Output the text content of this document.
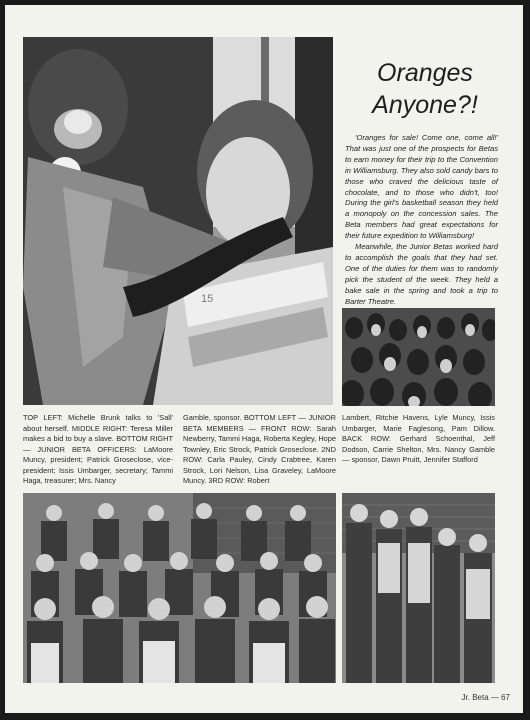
15
Oranges
Anyone?!

'Oranges for sale! Come one, come all!' That was just one of the prospects for Betas to earn money for their trip to the Convention in Williamsburg. They also sold candy bars to those who craved the delicious taste of chocolate, and to those who didn't, too! During the girl's basketball season they held a monopoly on the concession sales. The Beta members had great expectations for their future expedition to Williamsburg!

Meanwhile, the Junior Betas worked hard to accomplish the goals that they had set. One of the duties for them was to randomly pick the student of the week. They held a bake sale in the spring and took a trip to Barter Theatre.

TOP LEFT: Michelle Brunk talks to 'Sall' about herself. MIDDLE RIGHT: Teresa Miller makes a bid to buy a slave. BOTTOM RIGHT — JUNIOR BETA OFFICERS: LaMoore Muncy, president; Patrick Groseclose, vice-president; Issis Umbarger, secretary; Tammi Haga, treasurer; Mrs. Nancy
Gamble, sponsor. BOTTOM LEFT — JUNIOR BETA MEMBERS — FRONT ROW: Sarah Newberry, Tammi Haga, Roberta Kegley, Hope Townley, Eric Strock, Patrick Groseclose. 2ND ROW: Carla Pauley, Cindy Crabtree, Karen Strock, Lori Nelson, Lisa Graveley, LaMoore Muncy. 3RD ROW: Robert
Lambert, Ritchie Havens, Lyle Muncy, Issis Umbarger, Marie Faglesong, Pam Dillow. BACK ROW: Gerhard Schoenthal, Jeff Dodson, Carrie Shelton, Mrs. Nancy Gamble — sponsor, Dawn Pruitt, Jennifer Stafford
Jr. Beta — 67
